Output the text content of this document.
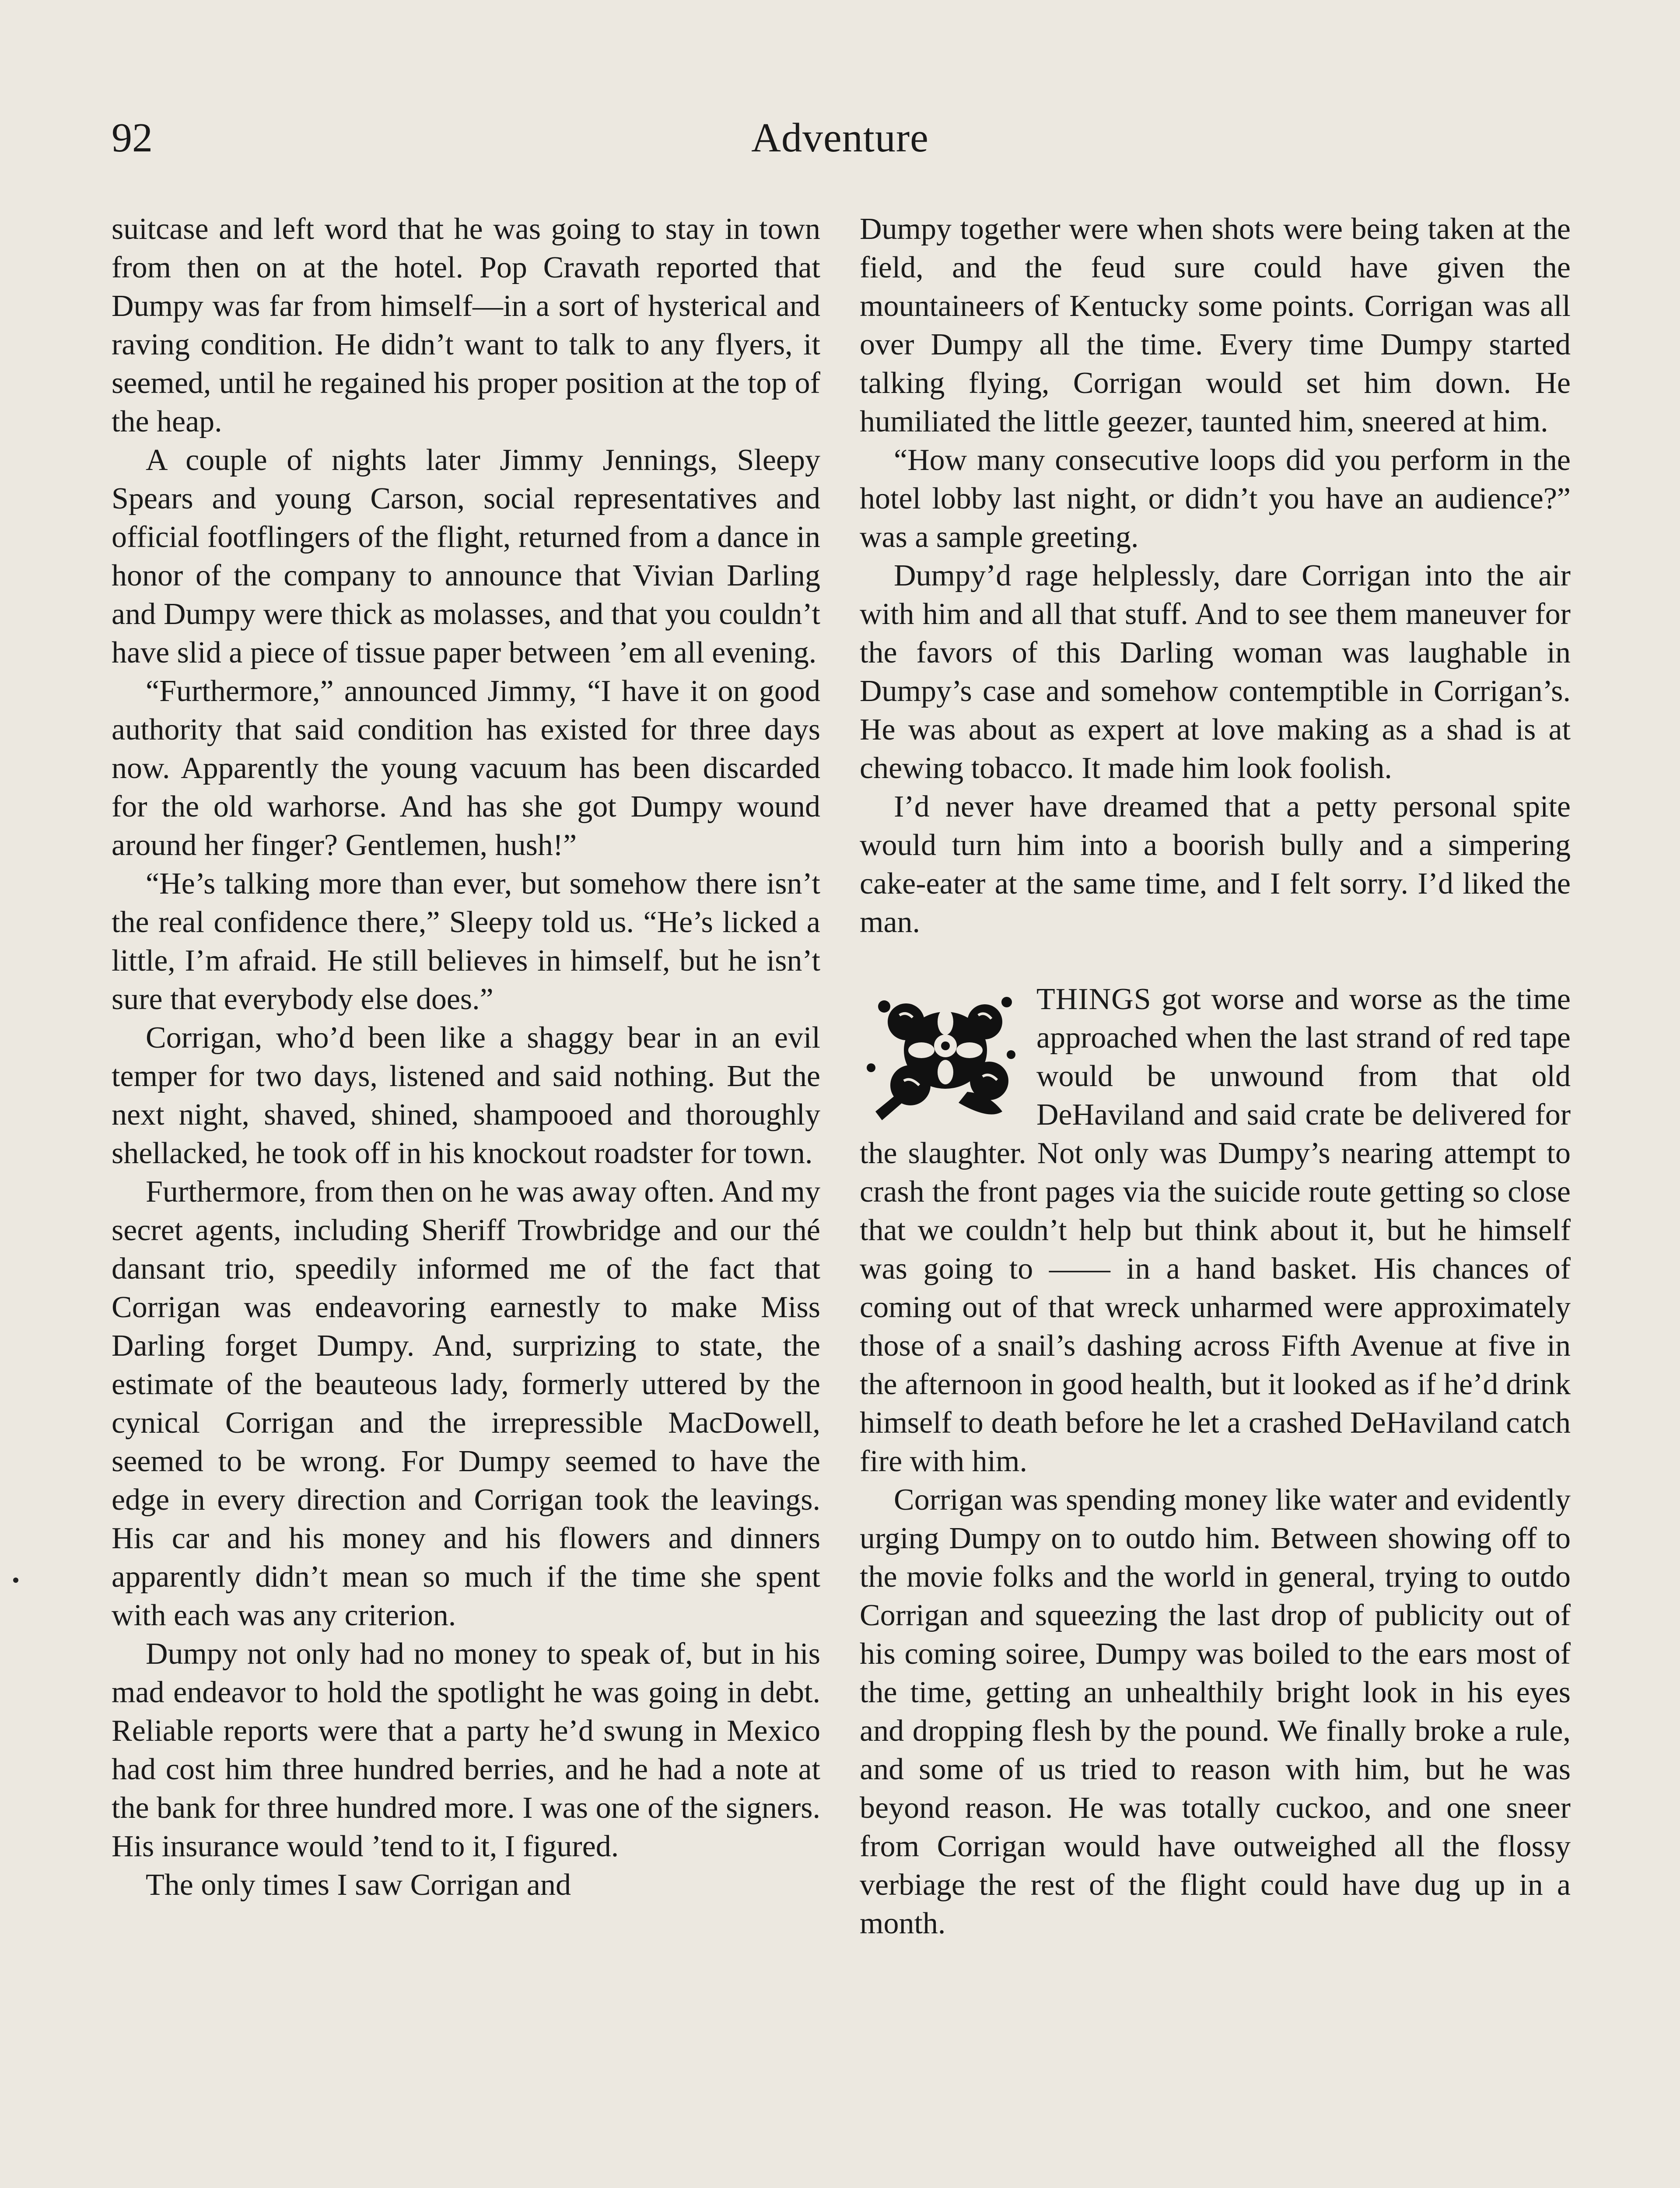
92	Adventure

suitcase and left word that he was going to stay in town from then on at the hotel. Pop Cravath reported that Dumpy was far from himself—in a sort of hysterical and raving condition. He didn’t want to talk to any flyers, it seemed, until he regained his proper position at the top of the heap.

A couple of nights later Jimmy Jennings, Sleepy Spears and young Carson, social representatives and official footflingers of the flight, returned from a dance in honor of the company to announce that Vivian Darling and Dumpy were thick as molasses, and that you couldn’t have slid a piece of tissue paper between ’em all evening.

“Furthermore,” announced Jimmy, “I have it on good authority that said condition has existed for three days now. Apparently the young vacuum has been discarded for the old warhorse. And has she got Dumpy wound around her finger? Gentlemen, hush!”

“He’s talking more than ever, but somehow there isn’t the real confidence there,” Sleepy told us. “He’s licked a little, I’m afraid. He still believes in himself, but he isn’t sure that everybody else does.”

Corrigan, who’d been like a shaggy bear in an evil temper for two days, listened and said nothing. But the next night, shaved, shined, shampooed and thoroughly shellacked, he took off in his knockout roadster for town.

Furthermore, from then on he was away often. And my secret agents, including Sheriff Trowbridge and our thé dansant trio, speedily informed me of the fact that Corrigan was endeavoring earnestly to make Miss Darling forget Dumpy. And, surprizing to state, the estimate of the beauteous lady, formerly uttered by the cynical Corrigan and the irrepressible MacDowell, seemed to be wrong. For Dumpy seemed to have the edge in every direction and Corrigan took the leavings. His car and his money and his flowers and dinners apparently didn’t mean so much if the time she spent with each was any criterion.

Dumpy not only had no money to speak of, but in his mad endeavor to hold the spotlight he was going in debt. Reliable reports were that a party he’d swung in Mexico had cost him three hundred berries, and he had a note at the bank for three hundred more. I was one of the signers. His insurance would ’tend to it, I figured.

The only times I saw Corrigan and

Dumpy together were when shots were being taken at the field, and the feud sure could have given the mountaineers of Kentucky some points. Corrigan was all over Dumpy all the time. Every time Dumpy started talking flying, Corrigan would set him down. He humiliated the little geezer, taunted him, sneered at him.

“How many consecutive loops did you perform in the hotel lobby last night, or didn’t you have an audience?” was a sample greeting.

Dumpy’d rage helplessly, dare Corrigan into the air with him and all that stuff. And to see them maneuver for the favors of this Darling woman was laughable in Dumpy’s case and somehow contemptible in Corrigan’s. He was about as expert at love making as a shad is at chewing tobacco. It made him look foolish.

I’d never have dreamed that a petty personal spite would turn him into a boorish bully and a simpering cake-eater at the same time, and I felt sorry. I’d liked the man.

THINGS got worse and worse as the time approached when the last strand of red tape would be unwound from that old DeHaviland and said crate be delivered for the slaughter. Not only was Dumpy’s nearing attempt to crash the front pages via the suicide route getting so close that we couldn’t help but think about it, but he himself was going to —— in a hand basket. His chances of coming out of that wreck unharmed were approximately those of a snail’s dashing across Fifth Avenue at five in the afternoon in good health, but it looked as if he’d drink himself to death before he let a crashed DeHaviland catch fire with him.

Corrigan was spending money like water and evidently urging Dumpy on to outdo him. Between showing off to the movie folks and the world in general, trying to outdo Corrigan and squeezing the last drop of publicity out of his coming soiree, Dumpy was boiled to the ears most of the time, getting an unhealthily bright look in his eyes and dropping flesh by the pound. We finally broke a rule, and some of us tried to reason with him, but he was beyond reason. He was totally cuckoo, and one sneer from Corrigan would have outweighed all the flossy verbiage the rest of the flight could have dug up in a month.
